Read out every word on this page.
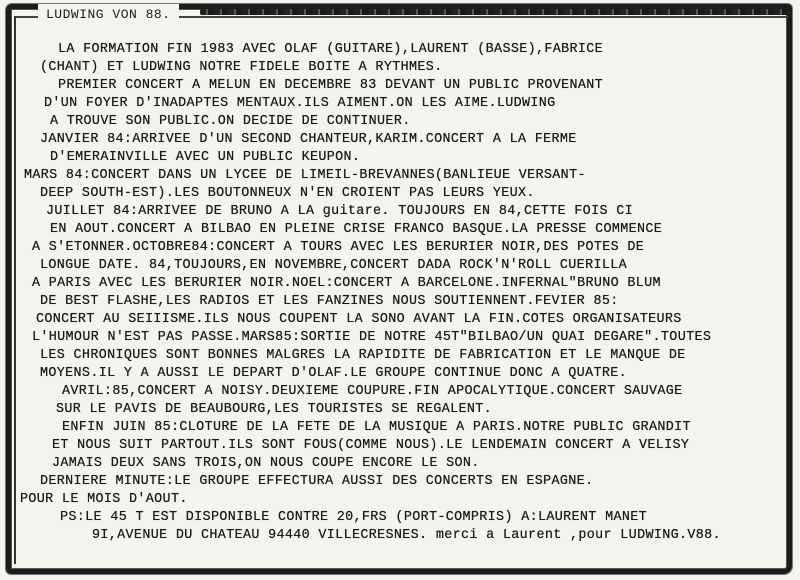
LUDWING VON 88.
LA FORMATION FIN 1983 AVEC OLAF (GUITARE),LAURENT (BASSE),FABRICE
(CHANT) ET LUDWING NOTRE FIDELE BOITE A RYTHMES.
PREMIER CONCERT A MELUN EN DECEMBRE 83 DEVANT UN PUBLIC PROVENANT
D'UN FOYER D'INADAPTES MENTAUX.ILS AIMENT.ON LES AIME.LUDWING
A TROUVE SON PUBLIC.ON DECIDE DE CONTINUER.
JANVIER 84:ARRIVEE D'UN SECOND CHANTEUR,KARIM.CONCERT A LA FERME
D'EMERAINVILLE AVEC UN PUBLIC KEUPON.
MARS 84:CONCERT DANS UN LYCEE DE LIMEIL-BREVANNES(BANLIEUE VERSANT-
DEEP SOUTH-EST).LES BOUTONNEUX N'EN CROIENT PAS LEURS YEUX.
JUILLET 84:ARRIVEE DE BRUNO A LA guitare. TOUJOURS EN 84,CETTE FOIS CI
EN AOUT.CONCERT A BILBAO EN PLEINE CRISE FRANCO BASQUE.LA PRESSE COMMENCE
A S'ETONNER.OCTOBRE84:CONCERT A TOURS AVEC LES BERURIER NOIR,DES POTES DE
LONGUE DATE. 84,TOUJOURS,EN NOVEMBRE,CONCERT DADA ROCK'N'ROLL CUERILLA
A PARIS AVEC LES BERURIER NOIR.NOEL:CONCERT A BARCELONE.INFERNAL"BRUNO BLUM
DE BEST FLASHE,LES RADIOS ET LES FANZINES NOUS SOUTIENNENT.FEVIER 85:
CONCERT AU SEIIISME.ILS NOUS COUPENT LA SONO AVANT LA FIN.COTES ORGANISATEURS
L'HUMOUR N'EST PAS PASSE.MARS85:SORTIE DE NOTRE 45T"BILBAO/UN QUAI DEGARE".TOUTES
LES CHRONIQUES SONT BONNES MALGRES LA RAPIDITE DE FABRICATION ET LE MANQUE DE
MOYENS.IL Y A AUSSI LE DEPART D'OLAF.LE GROUPE CONTINUE DONC A QUATRE.
AVRIL:85,CONCERT A NOISY.DEUXIEME COUPURE.FIN APOCALYTIQUE.CONCERT SAUVAGE
SUR LE PAVIS DE BEAUBOURG,LES TOURISTES SE REGALENT.
ENFIN JUIN 85:CLOTURE DE LA FETE DE LA MUSIQUE A PARIS.NOTRE PUBLIC GRANDIT
ET NOUS SUIT PARTOUT.ILS SONT FOUS(COMME NOUS).LE LENDEMAIN CONCERT A VELISY
JAMAIS DEUX SANS TROIS,ON NOUS COUPE ENCORE LE SON.
DERNIERE MINUTE:LE GROUPE EFFECTURA AUSSI DES CONCERTS EN ESPAGNE.
POUR LE MOIS D'AOUT.
PS:LE 45 T EST DISPONIBLE CONTRE 20,FRS (PORT-COMPRIS) A:LAURENT MANET
9I,AVENUE DU CHATEAU 94440 VILLECRESNES. merci a Laurent ,pour LUDWING.V88.
